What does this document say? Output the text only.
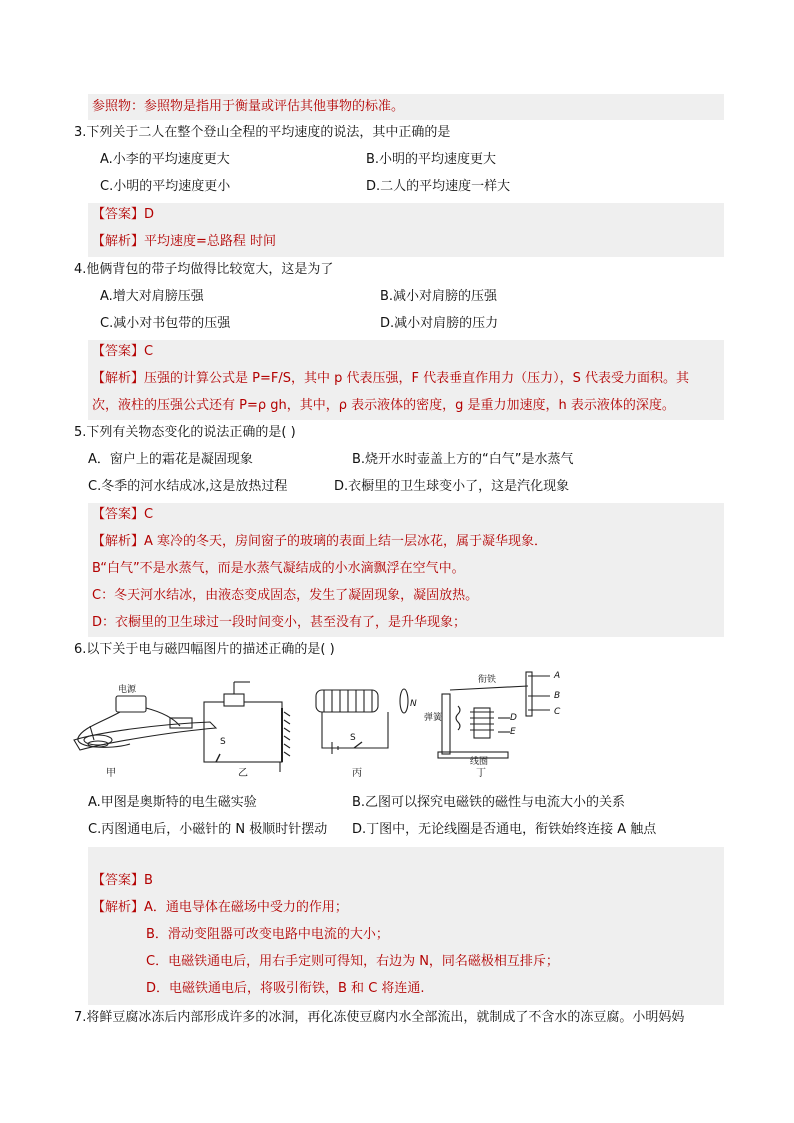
参照物：参照物是指用于衡量或评估其他事物的标准。
3.下列关于二人在整个登山全程的平均速度的说法，其中正确的是
A.小李的平均速度更大	B.小明的平均速度更大
C.小明的平均速度更小	D.二人的平均速度一样大
【答案】D
【解析】平均速度=总路程 时间
4.他俩背包的带子均做得比较宽大，这是为了
A.增大对肩膀压强	B.减小对肩膀的压强
C.减小对书包带的压强	D.减小对肩膀的压力
【答案】C
【解析】压强的计算公式是 P=F/S，其中 p 代表压强，F 代表垂直作用力（压力），S 代表受力面积。其
次，液柱的压强公式还有 P=ρ gh，其中，ρ 表示液体的密度，g 是重力加速度，h 表示液体的深度。
5.下列有关物态变化的说法正确的是( )
A．窗户上的霜花是凝固现象	B.烧开水时壶盖上方的“白气”是水蒸气
C.冬季的河水结成冰,这是放热过程	D.衣橱里的卫生球变小了，这是汽化现象
【答案】C
【解析】A 寒冷的冬天，房间窗子的玻璃的表面上结一层冰花，属于凝华现象．
B“白气”不是水蒸气，而是水蒸气凝结成的小水滴飘浮在空气中。
C：冬天河水结冰，由液态变成固态，发生了凝固现象，凝固放热。
D：衣橱里的卫生球过一段时间变小，甚至没有了，是升华现象；
6.以下关于电与磁四幅图片的描述正确的是( )
电源
S	S
N
衔铁
弹簧
线圈
A
B
C
D
E
甲	乙	丙	丁
A.甲图是奥斯特的电生磁实验	B.乙图可以探究电磁铁的磁性与电流大小的关系
C.丙图通电后，小磁针的 N 极顺时针摆动 D.丁图中，无论线圈是否通电，衔铁始终连接 A 触点
【答案】B
【解析】A．通电导体在磁场中受力的作用；
B．滑动变阻器可改变电路中电流的大小；
C．电磁铁通电后，用右手定则可得知，右边为 N，同名磁极相互排斥；
D．电磁铁通电后，将吸引衔铁，B 和 C 将连通.
7.将鲜豆腐冰冻后内部形成许多的冰洞，再化冻使豆腐内水全部流出，就制成了不含水的冻豆腐。小明妈妈
